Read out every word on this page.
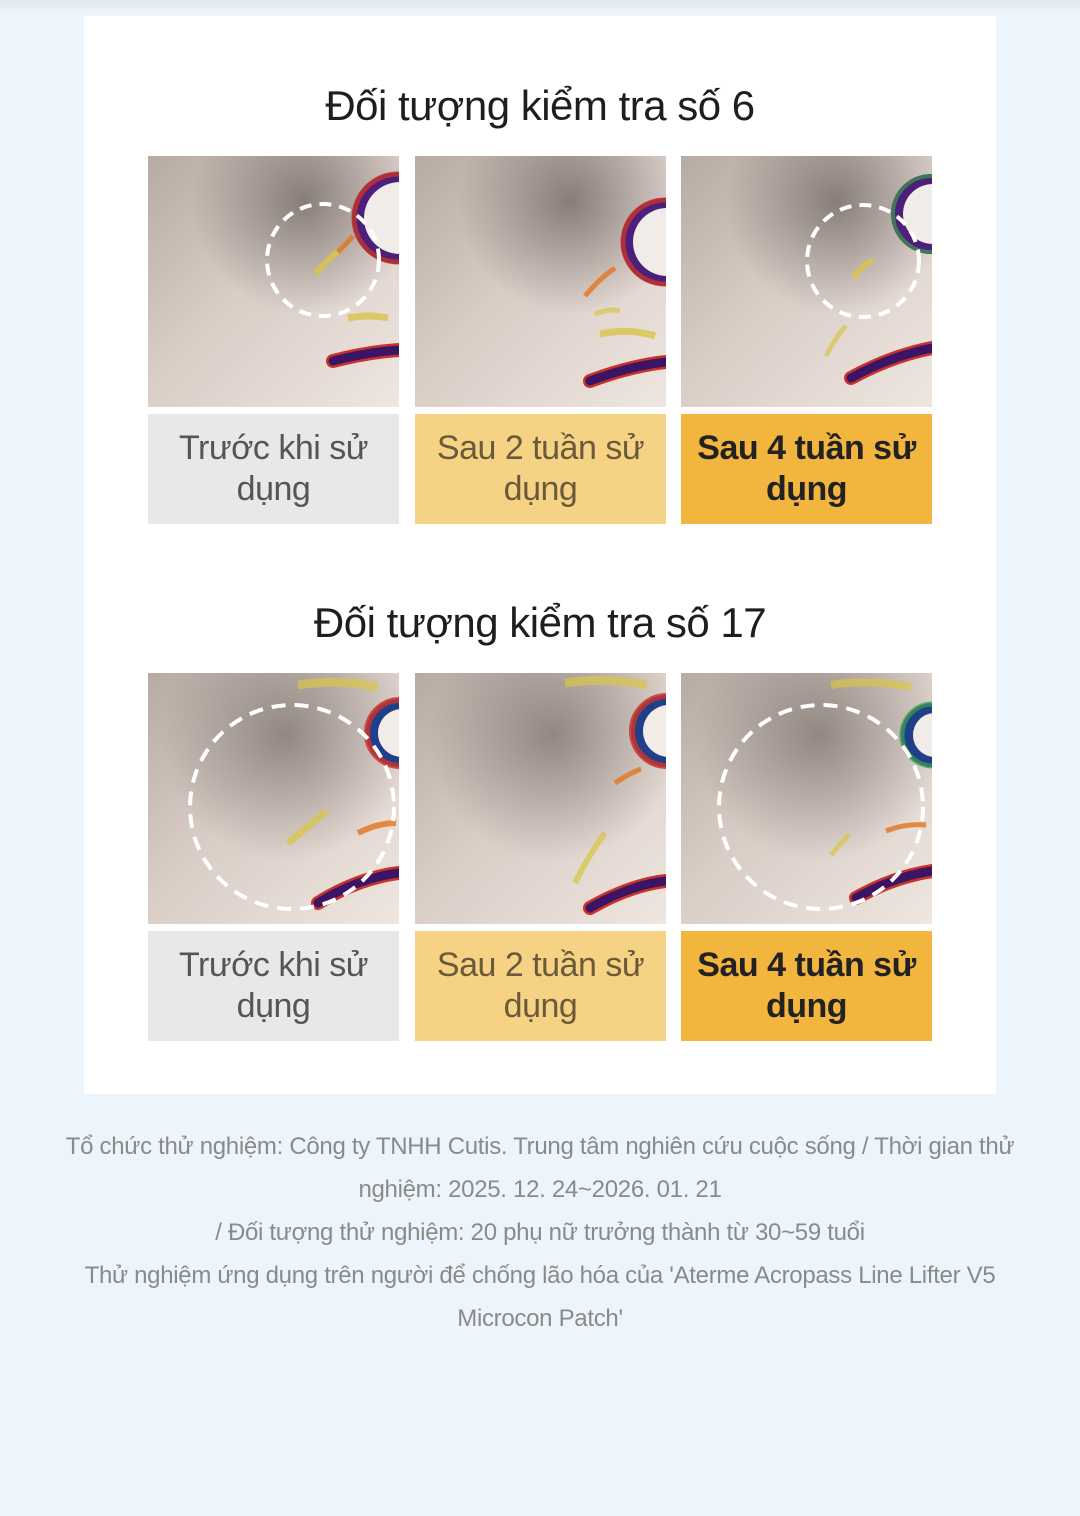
Đối tượng kiểm tra số 6
Trước khi sử dụng
Sau 2 tuần sử dụng
Sau 4 tuần sử dụng
Đối tượng kiểm tra số 17
Trước khi sử dụng
Sau 2 tuần sử dụng
Sau 4 tuần sử dụng
Tổ chức thử nghiệm: Công ty TNHH Cutis. Trung tâm nghiên cứu cuộc sống / Thời gian thử nghiệm: 2025. 12. 24~2026. 01. 21
/ Đối tượng thử nghiệm: 20 phụ nữ trưởng thành từ 30~59 tuổi
Thử nghiệm ứng dụng trên người để chống lão hóa của 'Aterme Acropass Line Lifter V5 Microcon Patch'
